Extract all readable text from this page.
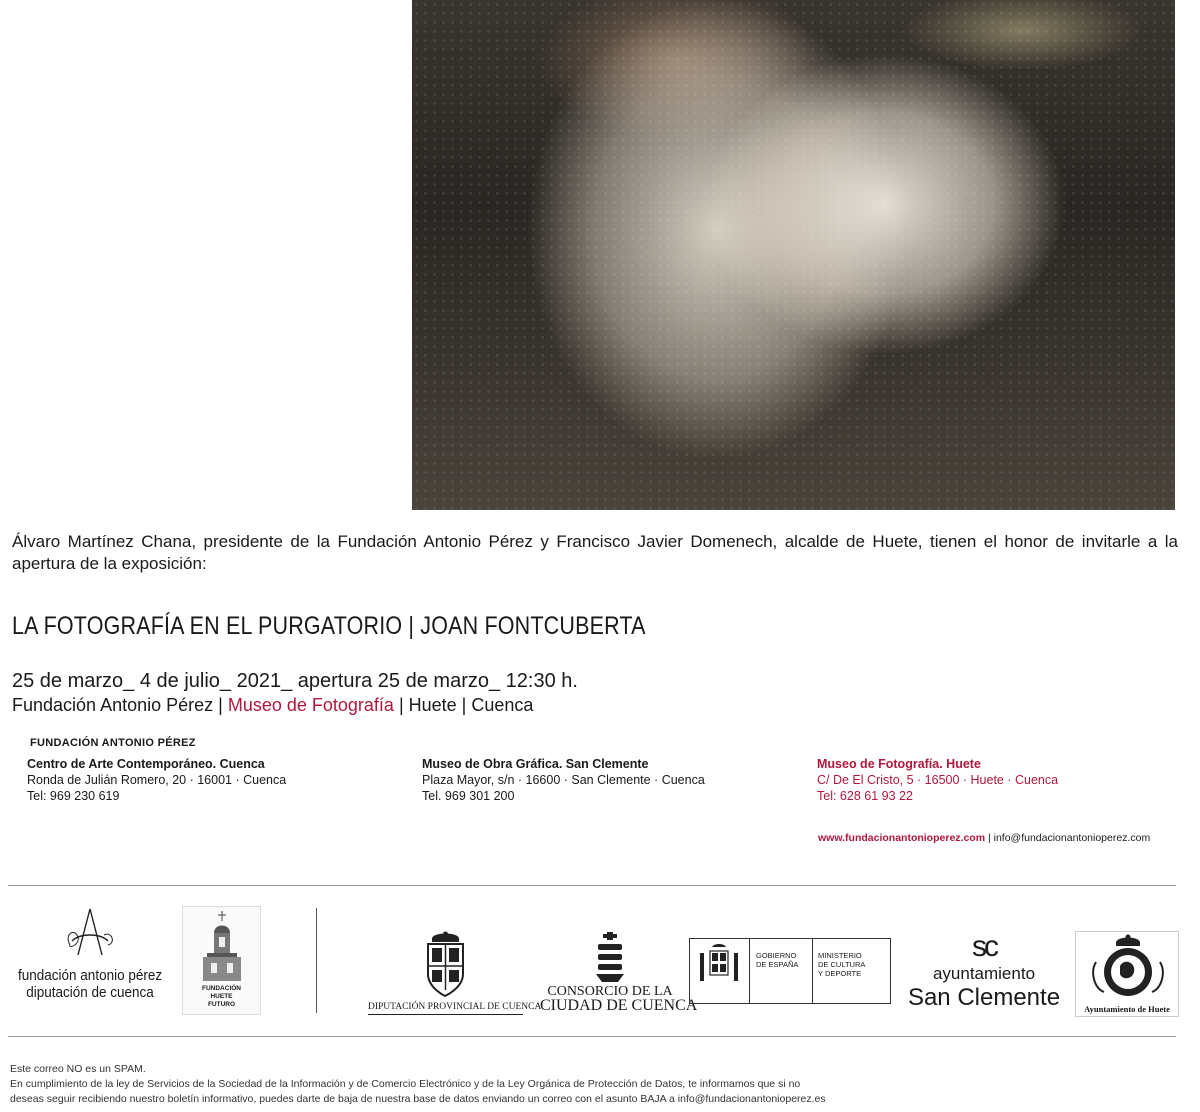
Álvaro Martínez Chana, presidente de la Fundación Antonio Pérez y Francisco Javier Domenech, alcalde de Huete, tienen el honor de invitarle a la apertura de la exposición:

LA FOTOGRAFÍA EN EL PURGATORIO | JOAN FONTCUBERTA
25 de marzo_ 4 de julio_ 2021_ apertura 25 de marzo_ 12:30 h.
Fundación Antonio Pérez | Museo de Fotografía | Huete | Cuenca
FUNDACIÓN ANTONIO PÉREZ
Centro de Arte Contemporáneo. Cuenca
Ronda de Julián Romero, 20 · 16001 · Cuenca
Tel: 969 230 619
Museo de Obra Gráfica. San Clemente
Plaza Mayor, s/n · 16600 · San Clemente · Cuenca
Tel. 969 301 200
Museo de Fotografía. Huete
C/ De El Cristo, 5 · 16500 · Huete · Cuenca
Tel: 628 61 93 22
www.fundacionantonioperez.com | info@fundacionantonioperez.com
fundación antonio pérez
diputación de cuenca	FUNDACIÓN
HUETE
FUTURO	DIPUTACIÓN PROVINCIAL DE CUENCA
CONSORCIO DE LA
CIUDAD DE CUENCA
GOBIERNO
DE ESPAÑA
MINISTERIO
DE CULTURA
Y DEPORTE
sc
ayuntamiento
San Clemente	Ayuntamiento de Huete
Este correo NO es un SPAM.
En cumplimiento de la ley de Servicios de la Sociedad de la Información y de Comercio Electrónico y de la Ley Orgánica de Protección de Datos, te informamos que si no
deseas seguir recibiendo nuestro boletín informativo, puedes darte de baja de nuestra base de datos enviando un correo con el asunto BAJA a info@fundacionantonioperez.es
